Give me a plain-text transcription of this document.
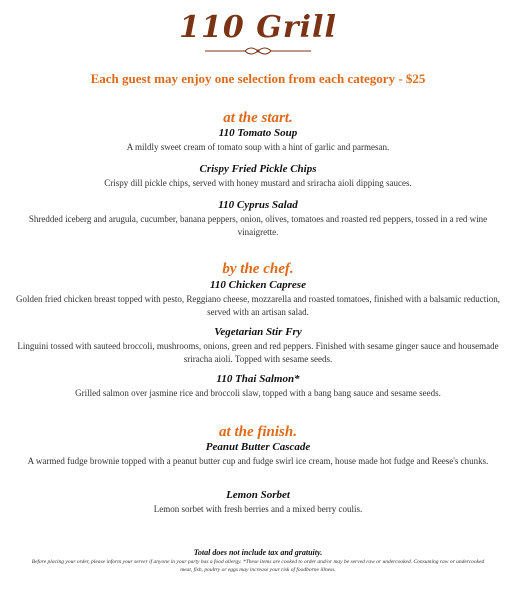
110 Grill
Each guest may enjoy one selection from each category - $25
at the start.
110 Tomato Soup
A mildly sweet cream of tomato soup with a hint of garlic and parmesan.
Crispy Fried Pickle Chips
Crispy dill pickle chips, served with honey mustard and sriracha aioli dipping sauces.
110 Cyprus Salad
Shredded iceberg and arugula, cucumber, banana peppers, onion, olives, tomatoes and roasted red peppers, tossed in a red wine vinaigrette.
by the chef.
110 Chicken Caprese
Golden fried chicken breast topped with pesto, Reggiano cheese, mozzarella and roasted tomatoes, finished with a balsamic reduction, served with an artisan salad.
Vegetarian Stir Fry
Linguini tossed with sauteed broccoli, mushrooms, onions, green and red peppers. Finished with sesame ginger sauce and housemade sriracha aioli. Topped with sesame seeds.
110 Thai Salmon*
Grilled salmon over jasmine rice and broccoli slaw, topped with a bang bang sauce and sesame seeds.
at the finish.
Peanut Butter Cascade
A warmed fudge brownie topped with a peanut butter cup and fudge swirl ice cream, house made hot fudge and Reese's chunks.
Lemon Sorbet
Lemon sorbet with fresh berries and a mixed berry coulis.
Total does not include tax and gratuity.
Before placing your order, please inform your server if anyone in your party has a food allergy. *These items are cooked to order and/or may be served raw or undercooked. Consuming raw or undercooked meat, fish, poultry or eggs may increase your risk of foodborne illness.
